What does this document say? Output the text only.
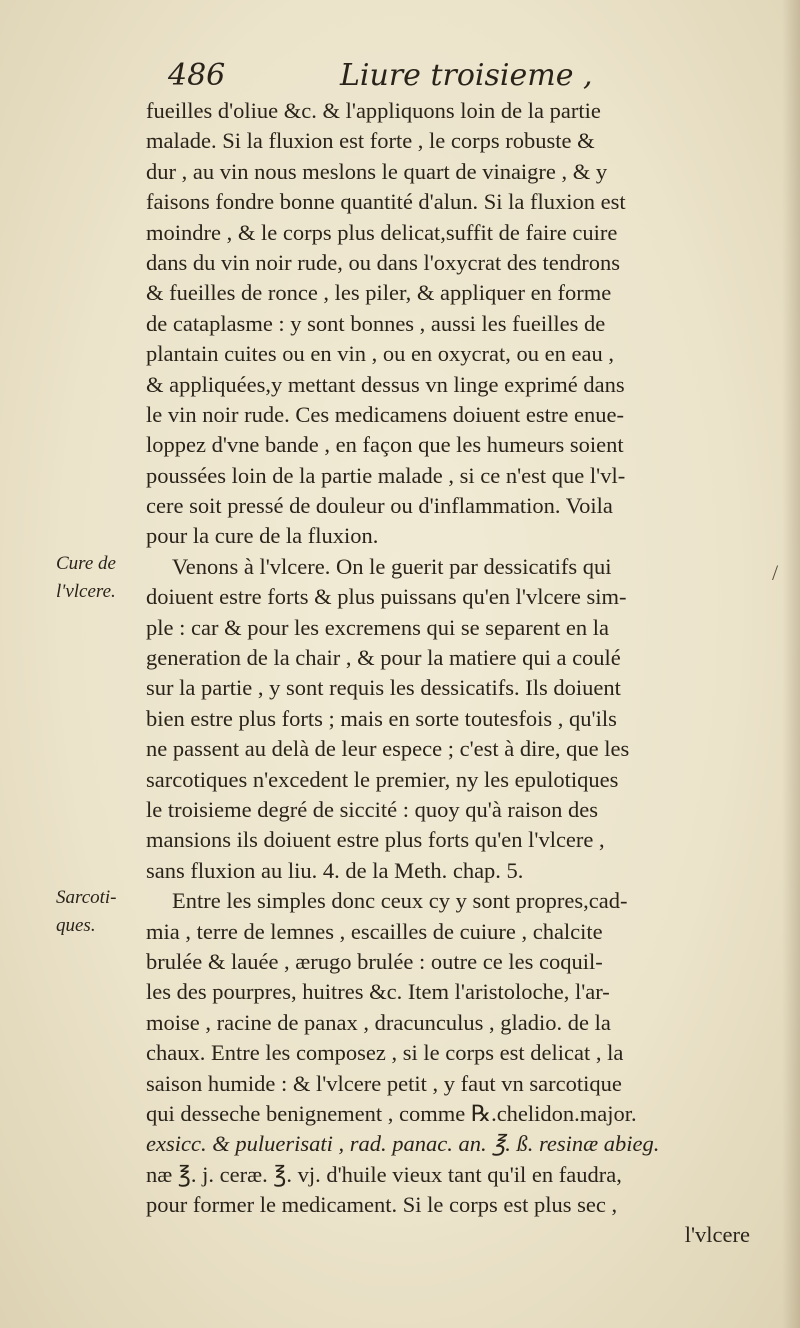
486	Liure troisieme ,
Cure de
l'vlcere.
Sarcoti-
ques.
/
fueilles d'oliue &c. & l'appliquons loin de la partie
malade. Si la fluxion est forte , le corps robuste &
dur , au vin nous meslons le quart de vinaigre , & y
faisons fondre bonne quantité d'alun. Si la fluxion est
moindre , & le corps plus delicat,suffit de faire cuire
dans du vin noir rude, ou dans l'oxycrat des tendrons
& fueilles de ronce , les piler, & appliquer en forme
de cataplasme : y sont bonnes , aussi les fueilles de
plantain cuites ou en vin , ou en oxycrat, ou en eau ,
& appliquées,y mettant dessus vn linge exprimé dans
le vin noir rude. Ces medicamens doiuent estre enue-
loppez d'vne bande , en façon que les humeurs soient
poussées loin de la partie malade , si ce n'est que l'vl-
cere soit pressé de douleur ou d'inflammation. Voila
pour la cure de la fluxion.
Venons à l'vlcere. On le guerit par dessicatifs qui
doiuent estre forts & plus puissans qu'en l'vlcere sim-
ple : car & pour les excremens qui se separent en la
generation de la chair , & pour la matiere qui a coulé
sur la partie , y sont requis les dessicatifs. Ils doiuent
bien estre plus forts ; mais en sorte toutesfois , qu'ils
ne passent au delà de leur espece ; c'est à dire, que les
sarcotiques n'excedent le premier, ny les epulotiques
le troisieme degré de siccité : quoy qu'à raison des
mansions ils doiuent estre plus forts qu'en l'vlcere ,
sans fluxion au liu. 4. de la Meth. chap. 5.
Entre les simples donc ceux cy y sont propres,cad-
mia , terre de lemnes , escailles de cuiure , chalcite
brulée & lauée , ærugo brulée : outre ce les coquil-
les des pourpres, huitres &c. Item l'aristoloche, l'ar-
moise , racine de panax , dracunculus , gladio. de la
chaux. Entre les composez , si le corps est delicat , la
saison humide : & l'vlcere petit , y faut vn sarcotique
qui desseche benignement , comme ℞.chelidon.major.
exsicc. & puluerisati , rad. panac. an. ℥. ß. resinæ abieg.
næ ℥. j. ceræ. ℥. vj. d'huile vieux tant qu'il en faudra,
pour former le medicament. Si le corps est plus sec ,
l'vlcere
